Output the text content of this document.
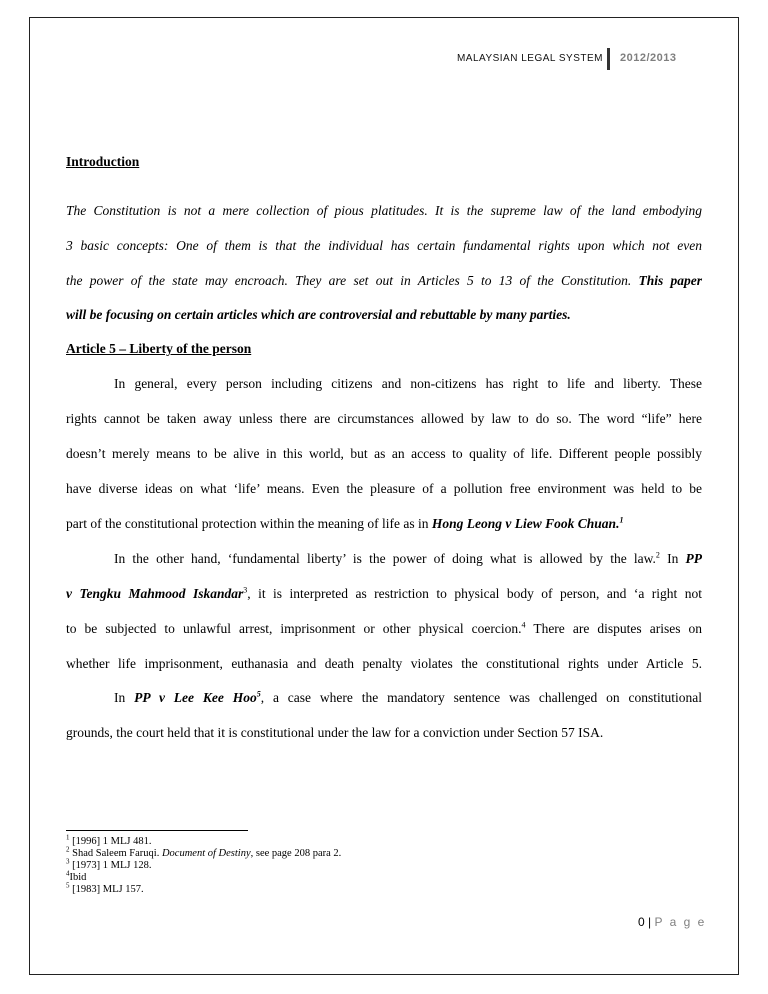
MALAYSIAN LEGAL SYSTEM 2012/2013
Introduction
The Constitution is not a mere collection of pious platitudes. It is the supreme law of the land embodying
3 basic concepts: One of them is that the individual has certain fundamental rights upon which not even
the power of the state may encroach. They are set out in Articles 5 to 13 of the Constitution. This paper
will be focusing on certain articles which are controversial and rebuttable by many parties.
Article 5 – Liberty of the person
In general, every person including citizens and non-citizens has right to life and liberty. These
rights cannot be taken away unless there are circumstances allowed by law to do so. The word “life” here
doesn’t merely means to be alive in this world, but as an access to quality of life. Different people possibly
have diverse ideas on what ‘life’ means. Even the pleasure of a pollution free environment was held to be
part of the constitutional protection within the meaning of life as in Hong Leong v Liew Fook Chuan.$^1$
In the other hand, ‘fundamental liberty’ is the power of doing what is allowed by the law.$^2$ In PP
v Tengku Mahmood Iskandar$^3$, it is interpreted as restriction to physical body of person, and ‘a right not
to be subjected to unlawful arrest, imprisonment or other physical coercion.$^4$ There are disputes arises on
whether life imprisonment, euthanasia and death penalty violates the constitutional rights under Article 5.
In PP v Lee Kee Hoo$^5$, a case where the mandatory sentence was challenged on constitutional
grounds, the court held that it is constitutional under the law for a conviction under Section 57 ISA.
$^1$ [1996] 1 MLJ 481.
$^2$ Shad Saleem Faruqi. Document of Destiny, see page 208 para 2.
$^3$ [1973] 1 MLJ 128.
$^4$Ibid
$^5$ [1983] MLJ 157.
0 | P a g e
